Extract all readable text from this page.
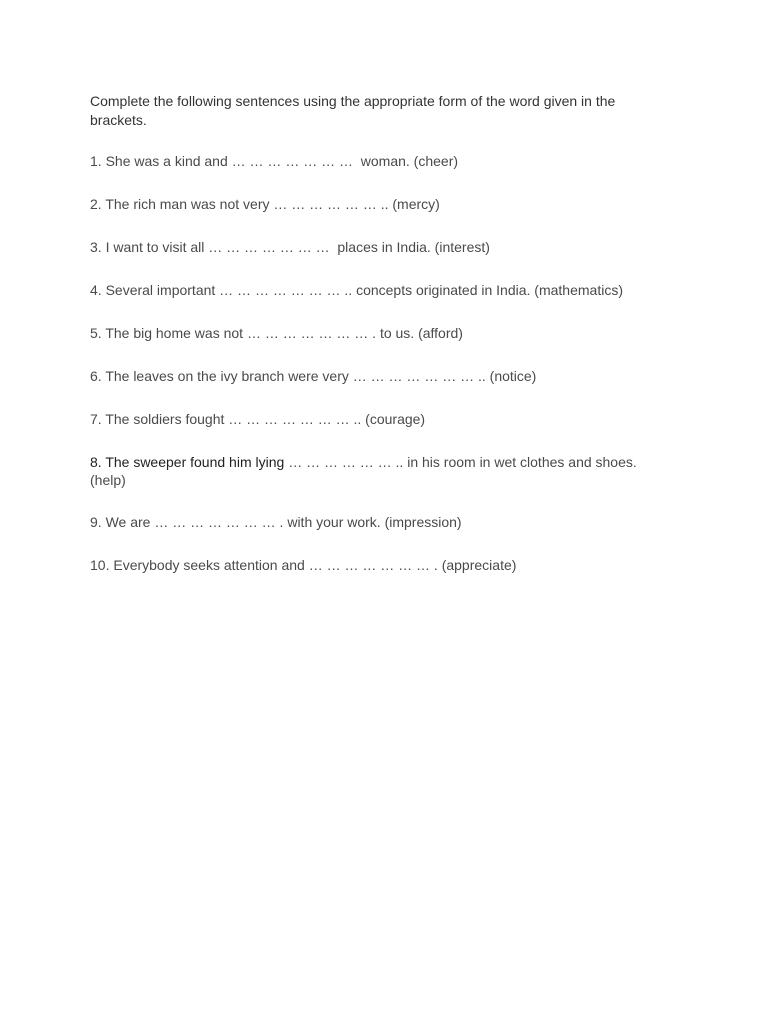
Complete the following sentences using the appropriate form of the word given in the brackets.

1. She was a kind and … … … … … … …  woman. (cheer)
2. The rich man was not very … … … … … … .. (mercy)
3. I want to visit all … … … … … … …  places in India. (interest)
4. Several important … … … … … … … .. concepts originated in India. (mathematics)
5. The big home was not … … … … … … … . to us. (afford)
6. The leaves on the ivy branch were very … … … … … … … .. (notice)
7. The soldiers fought … … … … … … … .. (courage)
8. The sweeper found him lying … … … … … … .. in his room in wet clothes and shoes. (help)
9. We are … … … … … … … . with your work. (impression)
10. Everybody seeks attention and … … … … … … … . (appreciate)
